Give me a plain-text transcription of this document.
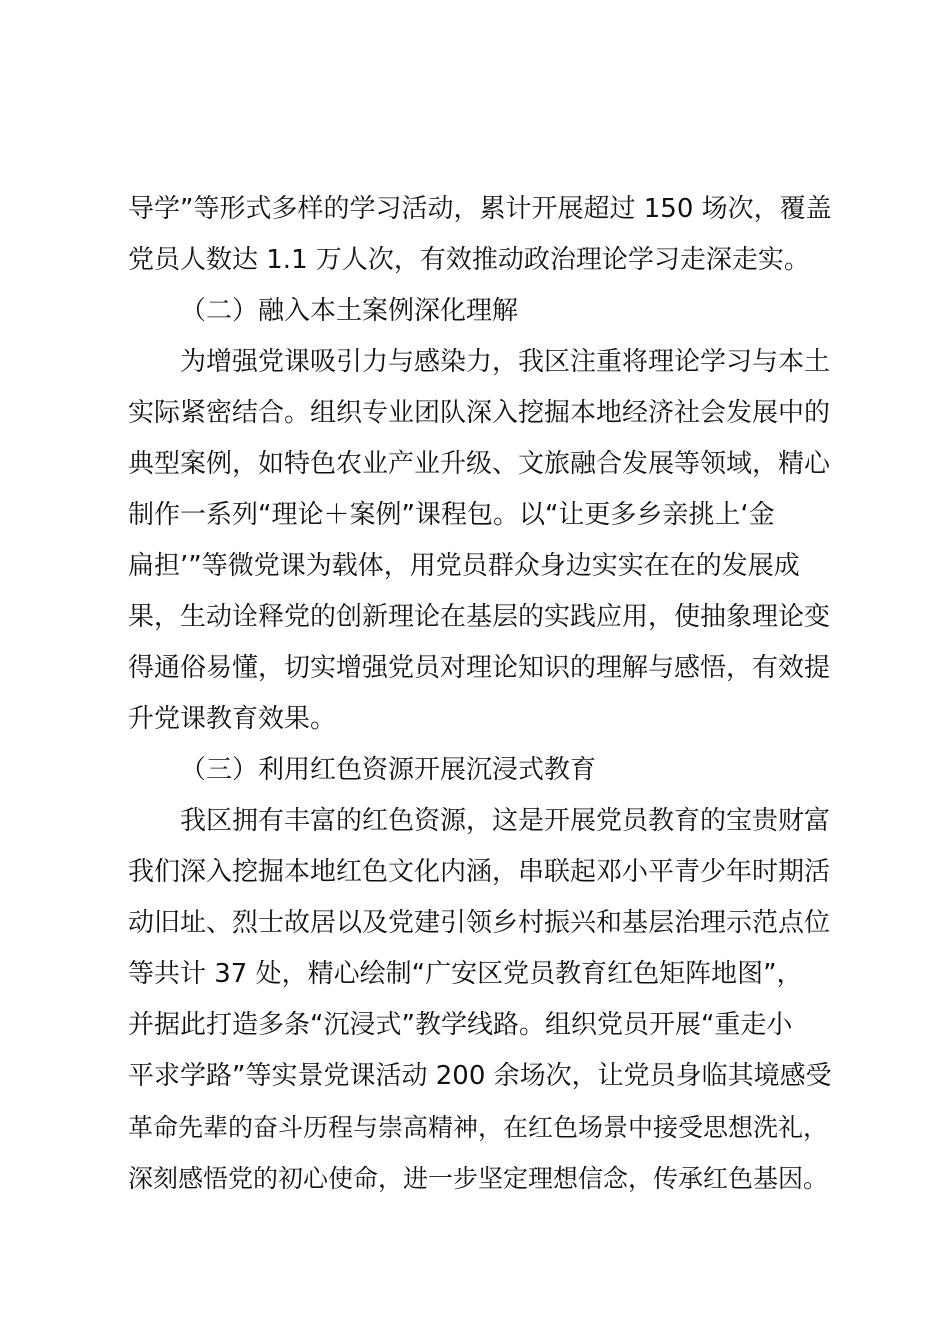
导学”等形式多样的学习活动，累计开展超过 150 场次，覆盖
党员人数达 1.1 万人次，有效推动政治理论学习走深走实。
（二）融入本土案例深化理解
为增强党课吸引力与感染力，我区注重将理论学习与本土
实际紧密结合。组织专业团队深入挖掘本地经济社会发展中的
典型案例，如特色农业产业升级、文旅融合发展等领域，精心
制作一系列“理论＋案例”课程包。以“让更多乡亲挑上‘金
扁担’”等微党课为载体，用党员群众身边实实在在的发展成
果，生动诠释党的创新理论在基层的实践应用，使抽象理论变
得通俗易懂，切实增强党员对理论知识的理解与感悟，有效提
升党课教育效果。
（三）利用红色资源开展沉浸式教育
我区拥有丰富的红色资源，这是开展党员教育的宝贵财富
我们深入挖掘本地红色文化内涵，串联起邓小平青少年时期活
动旧址、烈士故居以及党建引领乡村振兴和基层治理示范点位
等共计 37 处，精心绘制“广安区党员教育红色矩阵地图”，
并据此打造多条“沉浸式”教学线路。组织党员开展“重走小
平求学路”等实景党课活动 200 余场次，让党员身临其境感受
革命先辈的奋斗历程与崇高精神，在红色场景中接受思想洗礼，
深刻感悟党的初心使命，进一步坚定理想信念，传承红色基因。
